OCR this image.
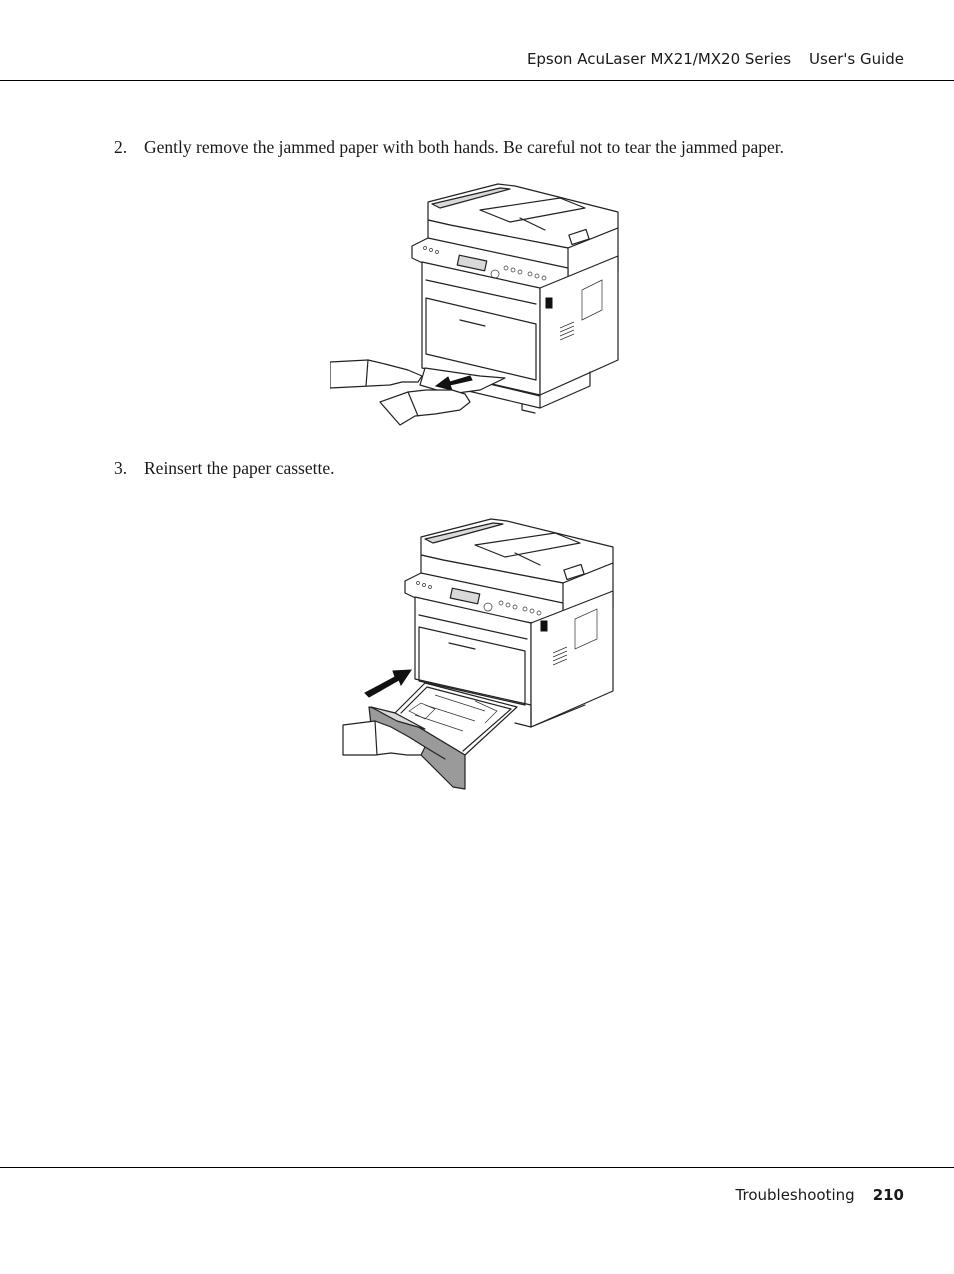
Epson AcuLaser MX21/MX20 Series User's Guide
2. Gently remove the jammed paper with both hands. Be careful not to tear the jammed paper.
3. Reinsert the paper cassette.
Troubleshooting 210
